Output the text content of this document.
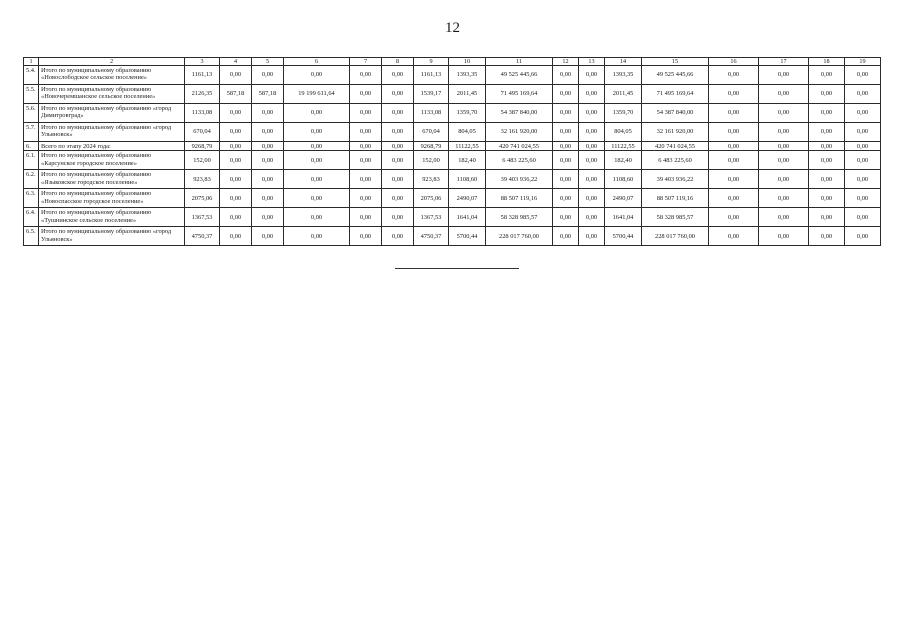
12
1	2	3	4	5	6	7	8	9	10	11	12	13	14	15	16	17	18	19
5.4.	Итого по муниципальному образованию «Новослободское сельское поселение»	1161,13	0,00	0,00	0,00	0,00	0,00	1161,13	1393,35	49 525 445,66	0,00	0,00	1393,35	49 525 445,66	0,00	0,00	0,00	0,00
5.5.	Итого по муниципальному образованию «Новочеремшанское сельское поселение»	2126,35	587,18	587,18	19 199 611,64	0,00	0,00	1539,17	2011,45	71 495 169,64	0,00	0,00	2011,45	71 495 169,64	0,00	0,00	0,00	0,00
5.6.	Итого по муниципальному образованию «город Димитровград»	1133,08	0,00	0,00	0,00	0,00	0,00	1133,08	1359,70	54 387 840,00	0,00	0,00	1359,70	54 387 840,00	0,00	0,00	0,00	0,00
5.7.	Итого по муниципальному образованию «город Ульяновск»	670,04	0,00	0,00	0,00	0,00	0,00	670,04	804,05	32 161 920,00	0,00	0,00	804,05	32 161 920,00	0,00	0,00	0,00	0,00
6.	Всего по этапу 2024 года:	9268,79	0,00	0,00	0,00	0,00	0,00	9268,79	11122,55	420 741 024,55	0,00	0,00	11122,55	420 741 024,55	0,00	0,00	0,00	0,00
6.1.	Итого по муниципальному образованию «Карсунское городское поселение»	152,00	0,00	0,00	0,00	0,00	0,00	152,00	182,40	6 483 225,60	0,00	0,00	182,40	6 483 225,60	0,00	0,00	0,00	0,00
6.2.	Итого по муниципальному образованию «Языковское городское поселение»	923,83	0,00	0,00	0,00	0,00	0,00	923,83	1108,60	39 403 936,22	0,00	0,00	1108,60	39 403 936,22	0,00	0,00	0,00	0,00
6.3.	Итого по муниципальному образованию «Новоспасское городское поселение»	2075,06	0,00	0,00	0,00	0,00	0,00	2075,06	2490,07	88 507 119,16	0,00	0,00	2490,07	88 507 119,16	0,00	0,00	0,00	0,00
6.4.	Итого по муниципальному образованию «Тушнинское сельское поселение»	1367,53	0,00	0,00	0,00	0,00	0,00	1367,53	1641,04	58 328 985,57	0,00	0,00	1641,04	58 328 985,57	0,00	0,00	0,00	0,00
6.5.	Итого по муниципальному образованию «город Ульяновск»	4750,37	0,00	0,00	0,00	0,00	0,00	4750,37	5700,44	228 017 760,00	0,00	0,00	5700,44	228 017 760,00	0,00	0,00	0,00	0,00
